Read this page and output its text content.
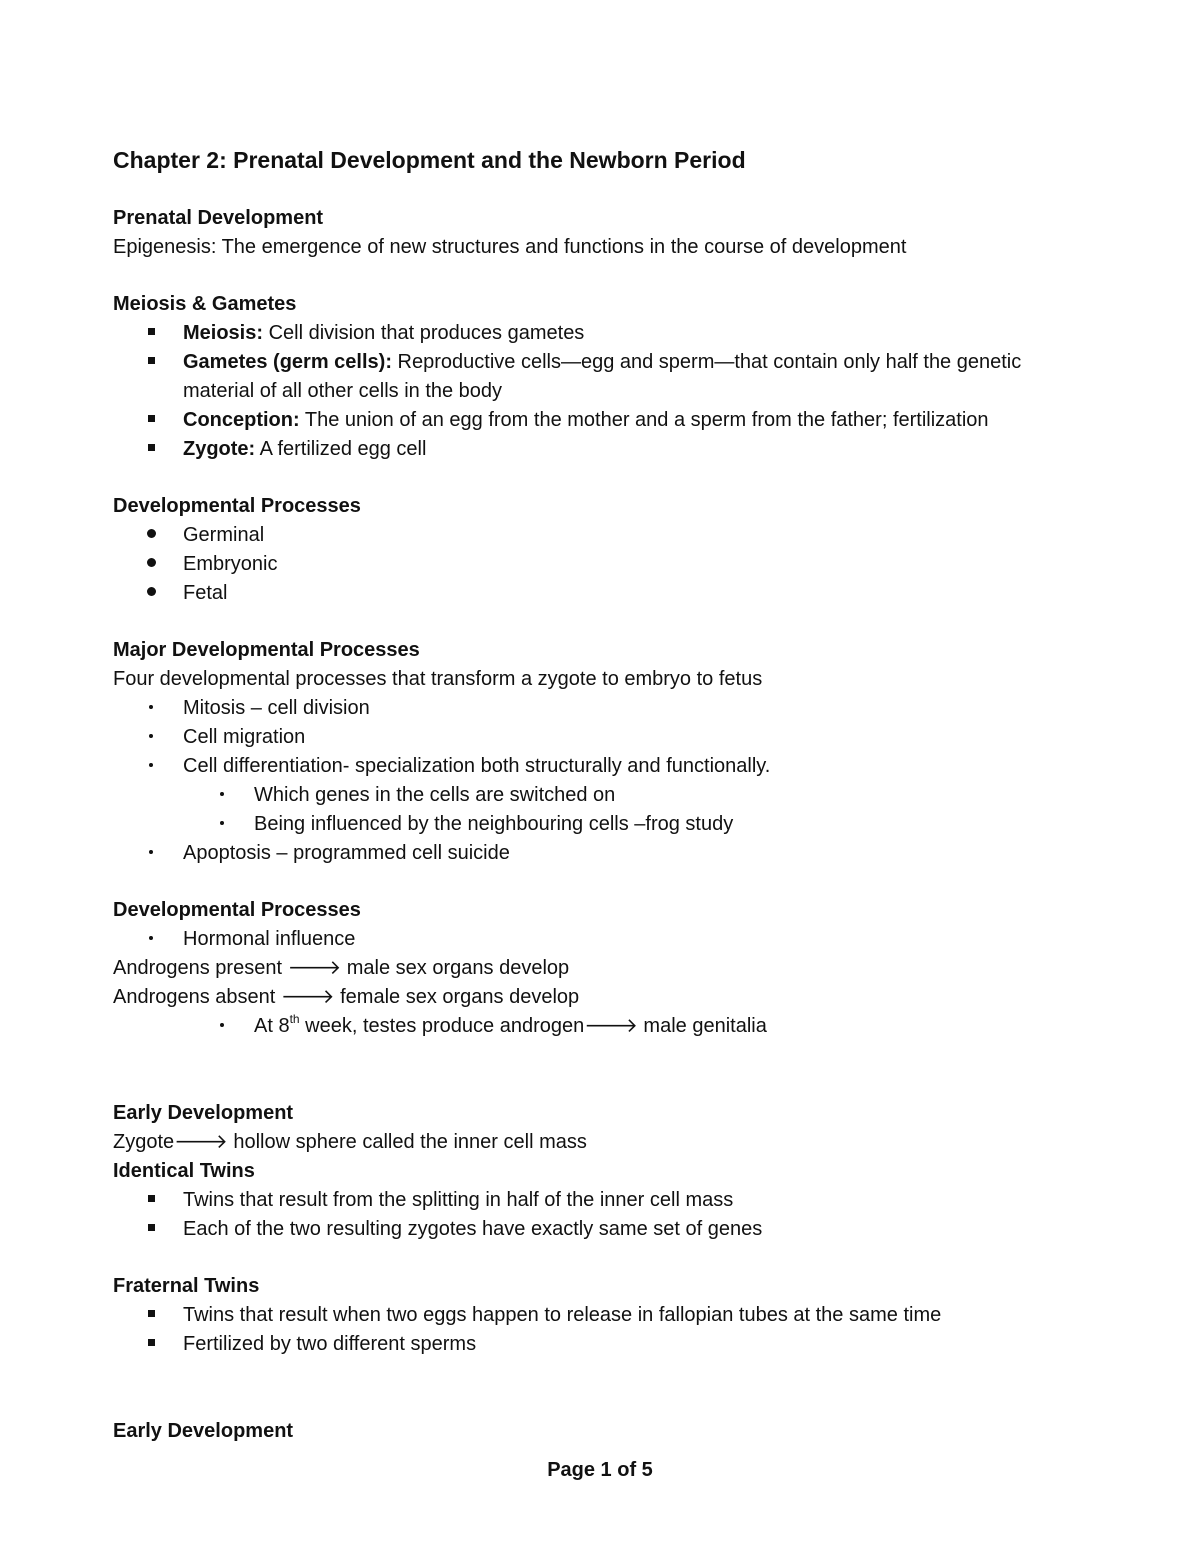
Chapter 2: Prenatal Development and the Newborn Period
Prenatal Development
Epigenesis: The emergence of new structures and functions in the course of development
Meiosis & Gametes
Meiosis: Cell division that produces gametes
Gametes (germ cells): Reproductive cells—egg and sperm—that contain only half the genetic material of all other cells in the body
Conception: The union of an egg from the mother and a sperm from the father; fertilization
Zygote: A fertilized egg cell
Developmental Processes
Germinal
Embryonic
Fetal
Major Developmental Processes
Four developmental processes that transform a zygote to embryo to fetus
Mitosis – cell division
Cell migration
Cell differentiation- specialization both structurally and functionally.
Which genes in the cells are switched on
Being influenced by the neighbouring cells –frog study
Apoptosis – programmed cell suicide
Developmental Processes
Hormonal influence
Androgens present 🡒 male sex organs develop
Androgens absent 🡒 female sex organs develop
At 8th week, testes produce androgen🡒 male genitalia
Early Development
Zygote🡒 hollow sphere called the inner cell mass
Identical Twins
Twins that result from the splitting in half of the inner cell mass
Each of the two resulting zygotes have exactly same set of genes
Fraternal Twins
Twins that result when two eggs happen to release in fallopian tubes at the same time
Fertilized by two different sperms
Early Development
Page 1 of 5
